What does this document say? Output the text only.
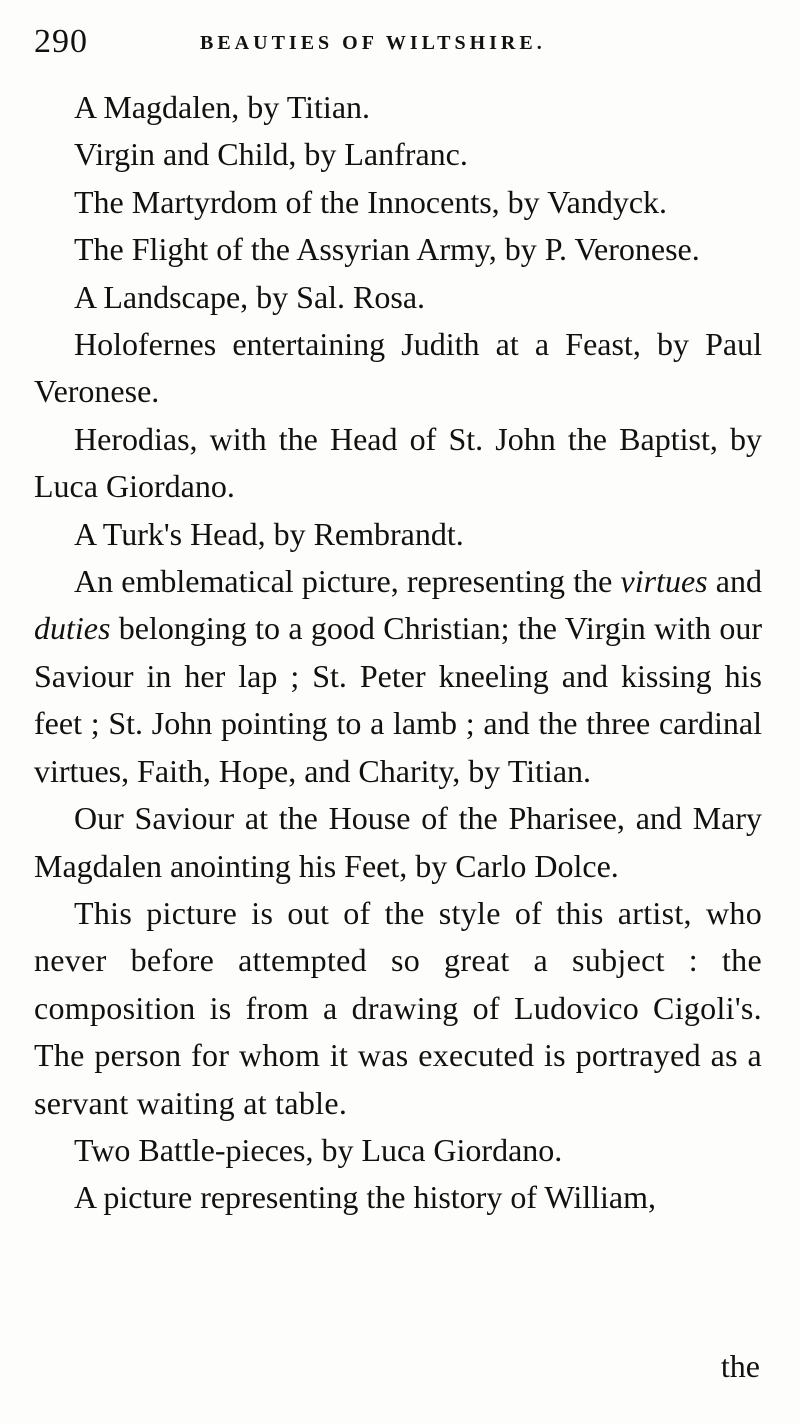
290	BEAUTIES OF WILTSHIRE.

A Magdalen, by Titian.

Virgin and Child, by Lanfranc.

The Martyrdom of the Innocents, by Vandyck.

The Flight of the Assyrian Army, by P. Veronese.

A Landscape, by Sal. Rosa.

Holofernes entertaining Judith at a Feast, by Paul Veronese.

Herodias, with the Head of St. John the Baptist, by Luca Giordano.

A Turk's Head, by Rembrandt.

An emblematical picture, representing the virtues and duties belonging to a good Christian; the Virgin with our Saviour in her lap ; St. Peter kneeling and kissing his feet ; St. John pointing to a lamb ; and the three cardinal virtues, Faith, Hope, and Charity, by Titian.

Our Saviour at the House of the Pharisee, and Mary Magdalen anointing his Feet, by Carlo Dolce.

This picture is out of the style of this artist, who never before attempted so great a subject : the composition is from a drawing of Ludovico Cigoli's. The person for whom it was executed is portrayed as a servant waiting at table.

Two Battle-pieces, by Luca Giordano.

A picture representing the history of William,

the
